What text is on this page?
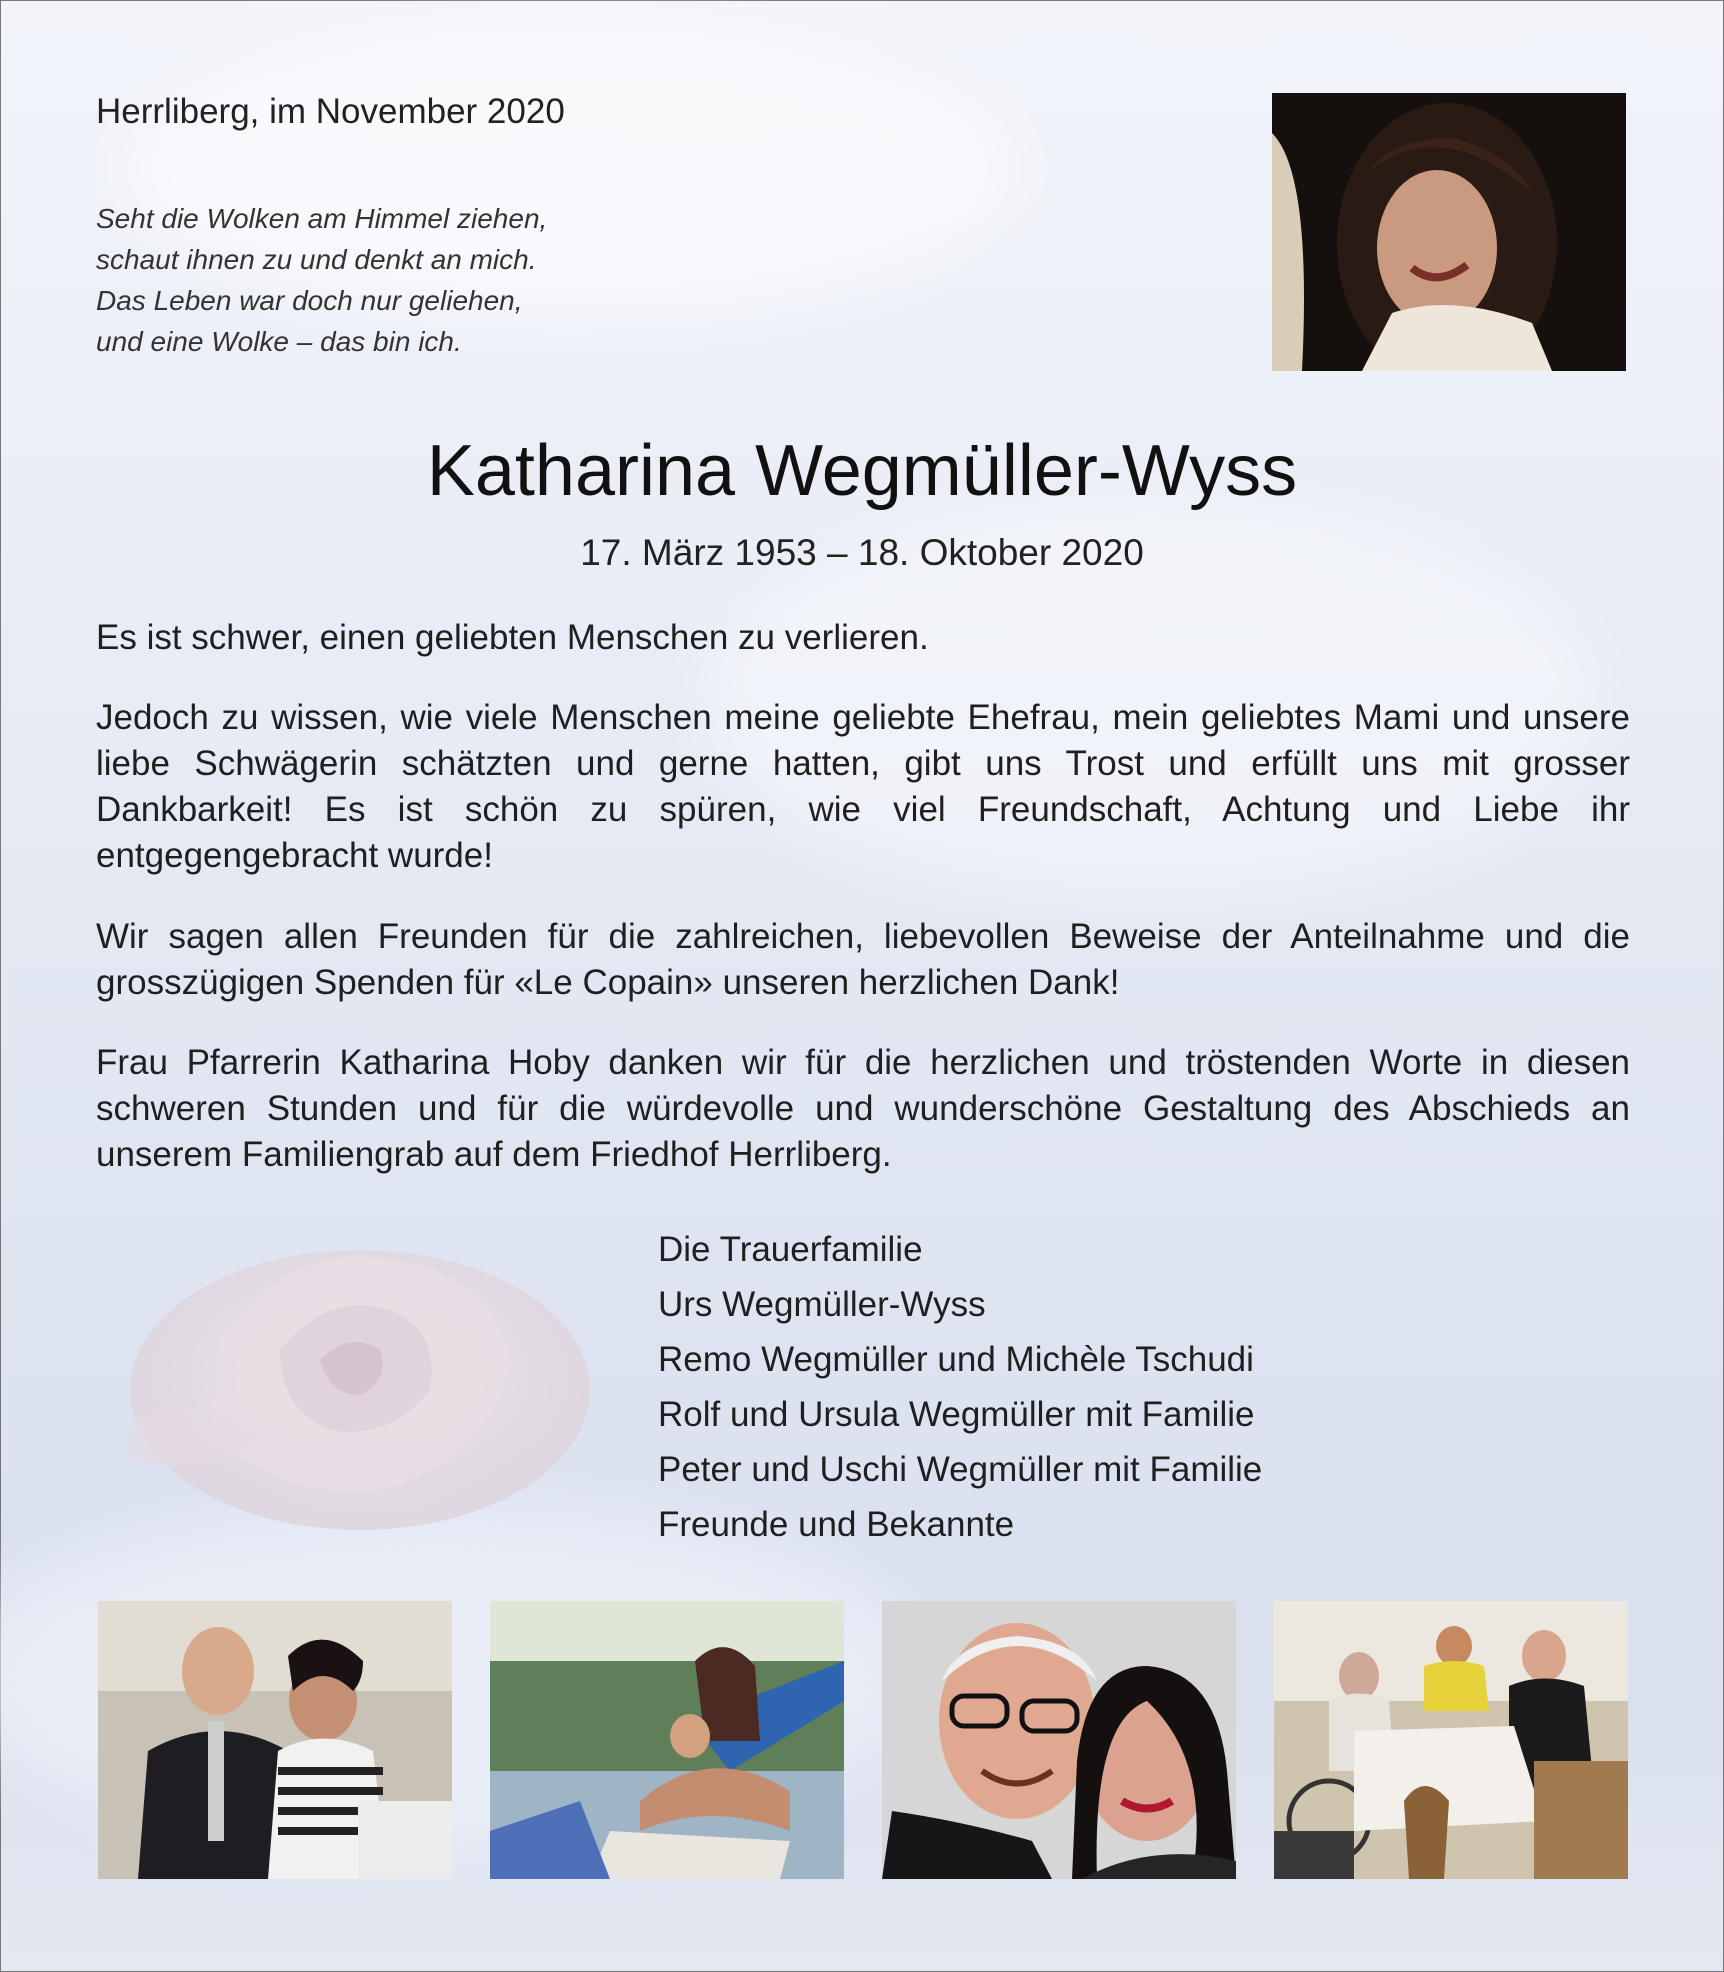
Herrliberg, im November 2020
Seht die Wolken am Himmel ziehen,
schaut ihnen zu und denkt an mich.
Das Leben war doch nur geliehen,
und eine Wolke – das bin ich.
Katharina Wegmüller-Wyss
17. März 1953 – 18. Oktober 2020
Es ist schwer, einen geliebten Menschen zu verlieren.
Jedoch zu wissen, wie viele Menschen meine geliebte Ehefrau, mein geliebtes Mami und unsere liebe Schwägerin schätzten und gerne hatten, gibt uns Trost und erfüllt uns mit grosser Dankbarkeit! Es ist schön zu spüren, wie viel Freundschaft, Achtung und Liebe ihr entgegengebracht wurde!
Wir sagen allen Freunden für die zahlreichen, liebevollen Beweise der Anteilnahme und die grosszügigen Spenden für «Le Copain» unseren herzlichen Dank!
Frau Pfarrerin Katharina Hoby danken wir für die herzlichen und tröstenden Worte in diesen schweren Stunden und für die würdevolle und wunderschöne Gestaltung des Abschieds an unserem Familiengrab auf dem Friedhof Herrliberg.
Die Trauerfamilie
Urs Wegmüller-Wyss
Remo Wegmüller und Michèle Tschudi
Rolf und Ursula Wegmüller mit Familie
Peter und Uschi Wegmüller mit Familie
Freunde und Bekannte
